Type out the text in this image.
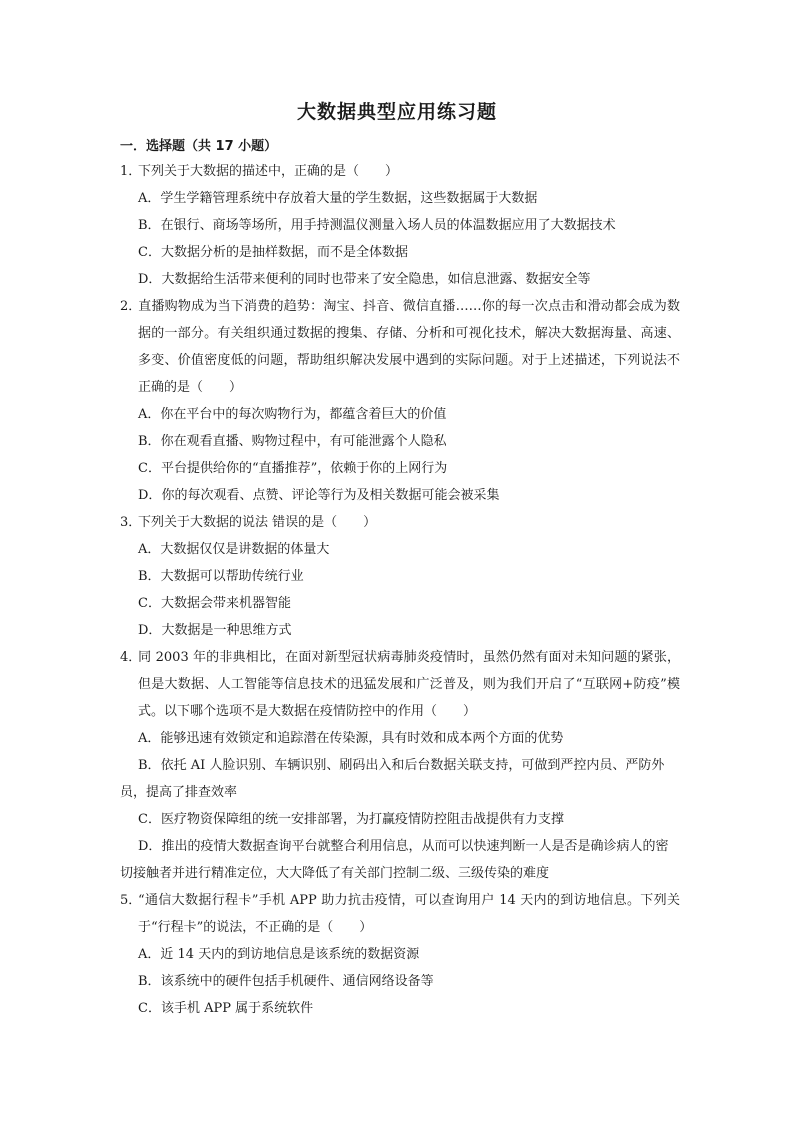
大数据典型应用练习题
一．选择题（共 17 小题）
1．下列关于大数据的描述中，正确的是（　　）
A．学生学籍管理系统中存放着大量的学生数据，这些数据属于大数据
B．在银行、商场等场所，用手持测温仪测量入场人员的体温数据应用了大数据技术
C．大数据分析的是抽样数据，而不是全体数据
D．大数据给生活带来便利的同时也带来了安全隐患，如信息泄露、数据安全等
2．直播购物成为当下消费的趋势：淘宝、抖音、微信直播……你的每一次点击和滑动都会成为数据的一部分。有关组织通过数据的搜集、存储、分析和可视化技术，解决大数据海量、高速、多变、价值密度低的问题，帮助组织解决发展中遇到的实际问题。对于上述描述，下列说法不正确的是（　　）
A．你在平台中的每次购物行为，都蕴含着巨大的价值
B．你在观看直播、购物过程中，有可能泄露个人隐私
C．平台提供给你的“直播推荐”，依赖于你的上网行为
D．你的每次观看、点赞、评论等行为及相关数据可能会被采集
3．下列关于大数据的说法 错误的是（　　）
A．大数据仅仅是讲数据的体量大
B．大数据可以帮助传统行业
C．大数据会带来机器智能
D．大数据是一种思维方式
4．同 2003 年的非典相比，在面对新型冠状病毒肺炎疫情时，虽然仍然有面对未知问题的紧张，但是大数据、人工智能等信息技术的迅猛发展和广泛普及，则为我们开启了“互联网+防疫”模式。以下哪个选项不是大数据在疫情防控中的作用（　　）
A．能够迅速有效锁定和追踪潜在传染源，具有时效和成本两个方面的优势
B．依托 AI 人脸识别、车辆识别、刷码出入和后台数据关联支持，可做到严控内员、严防外员，提高了排查效率
C．医疗物资保障组的统一安排部署，为打赢疫情防控阻击战提供有力支撑
D．推出的疫情大数据查询平台就整合利用信息，从而可以快速判断一人是否是确诊病人的密切接触者并进行精准定位，大大降低了有关部门控制二级、三级传染的难度
5．“通信大数据行程卡”手机 APP 助力抗击疫情，可以查询用户 14 天内的到访地信息。下列关于“行程卡”的说法，不正确的是（　　）
A．近 14 天内的到访地信息是该系统的数据资源
B．该系统中的硬件包括手机硬件、通信网络设备等
C．该手机 APP 属于系统软件
